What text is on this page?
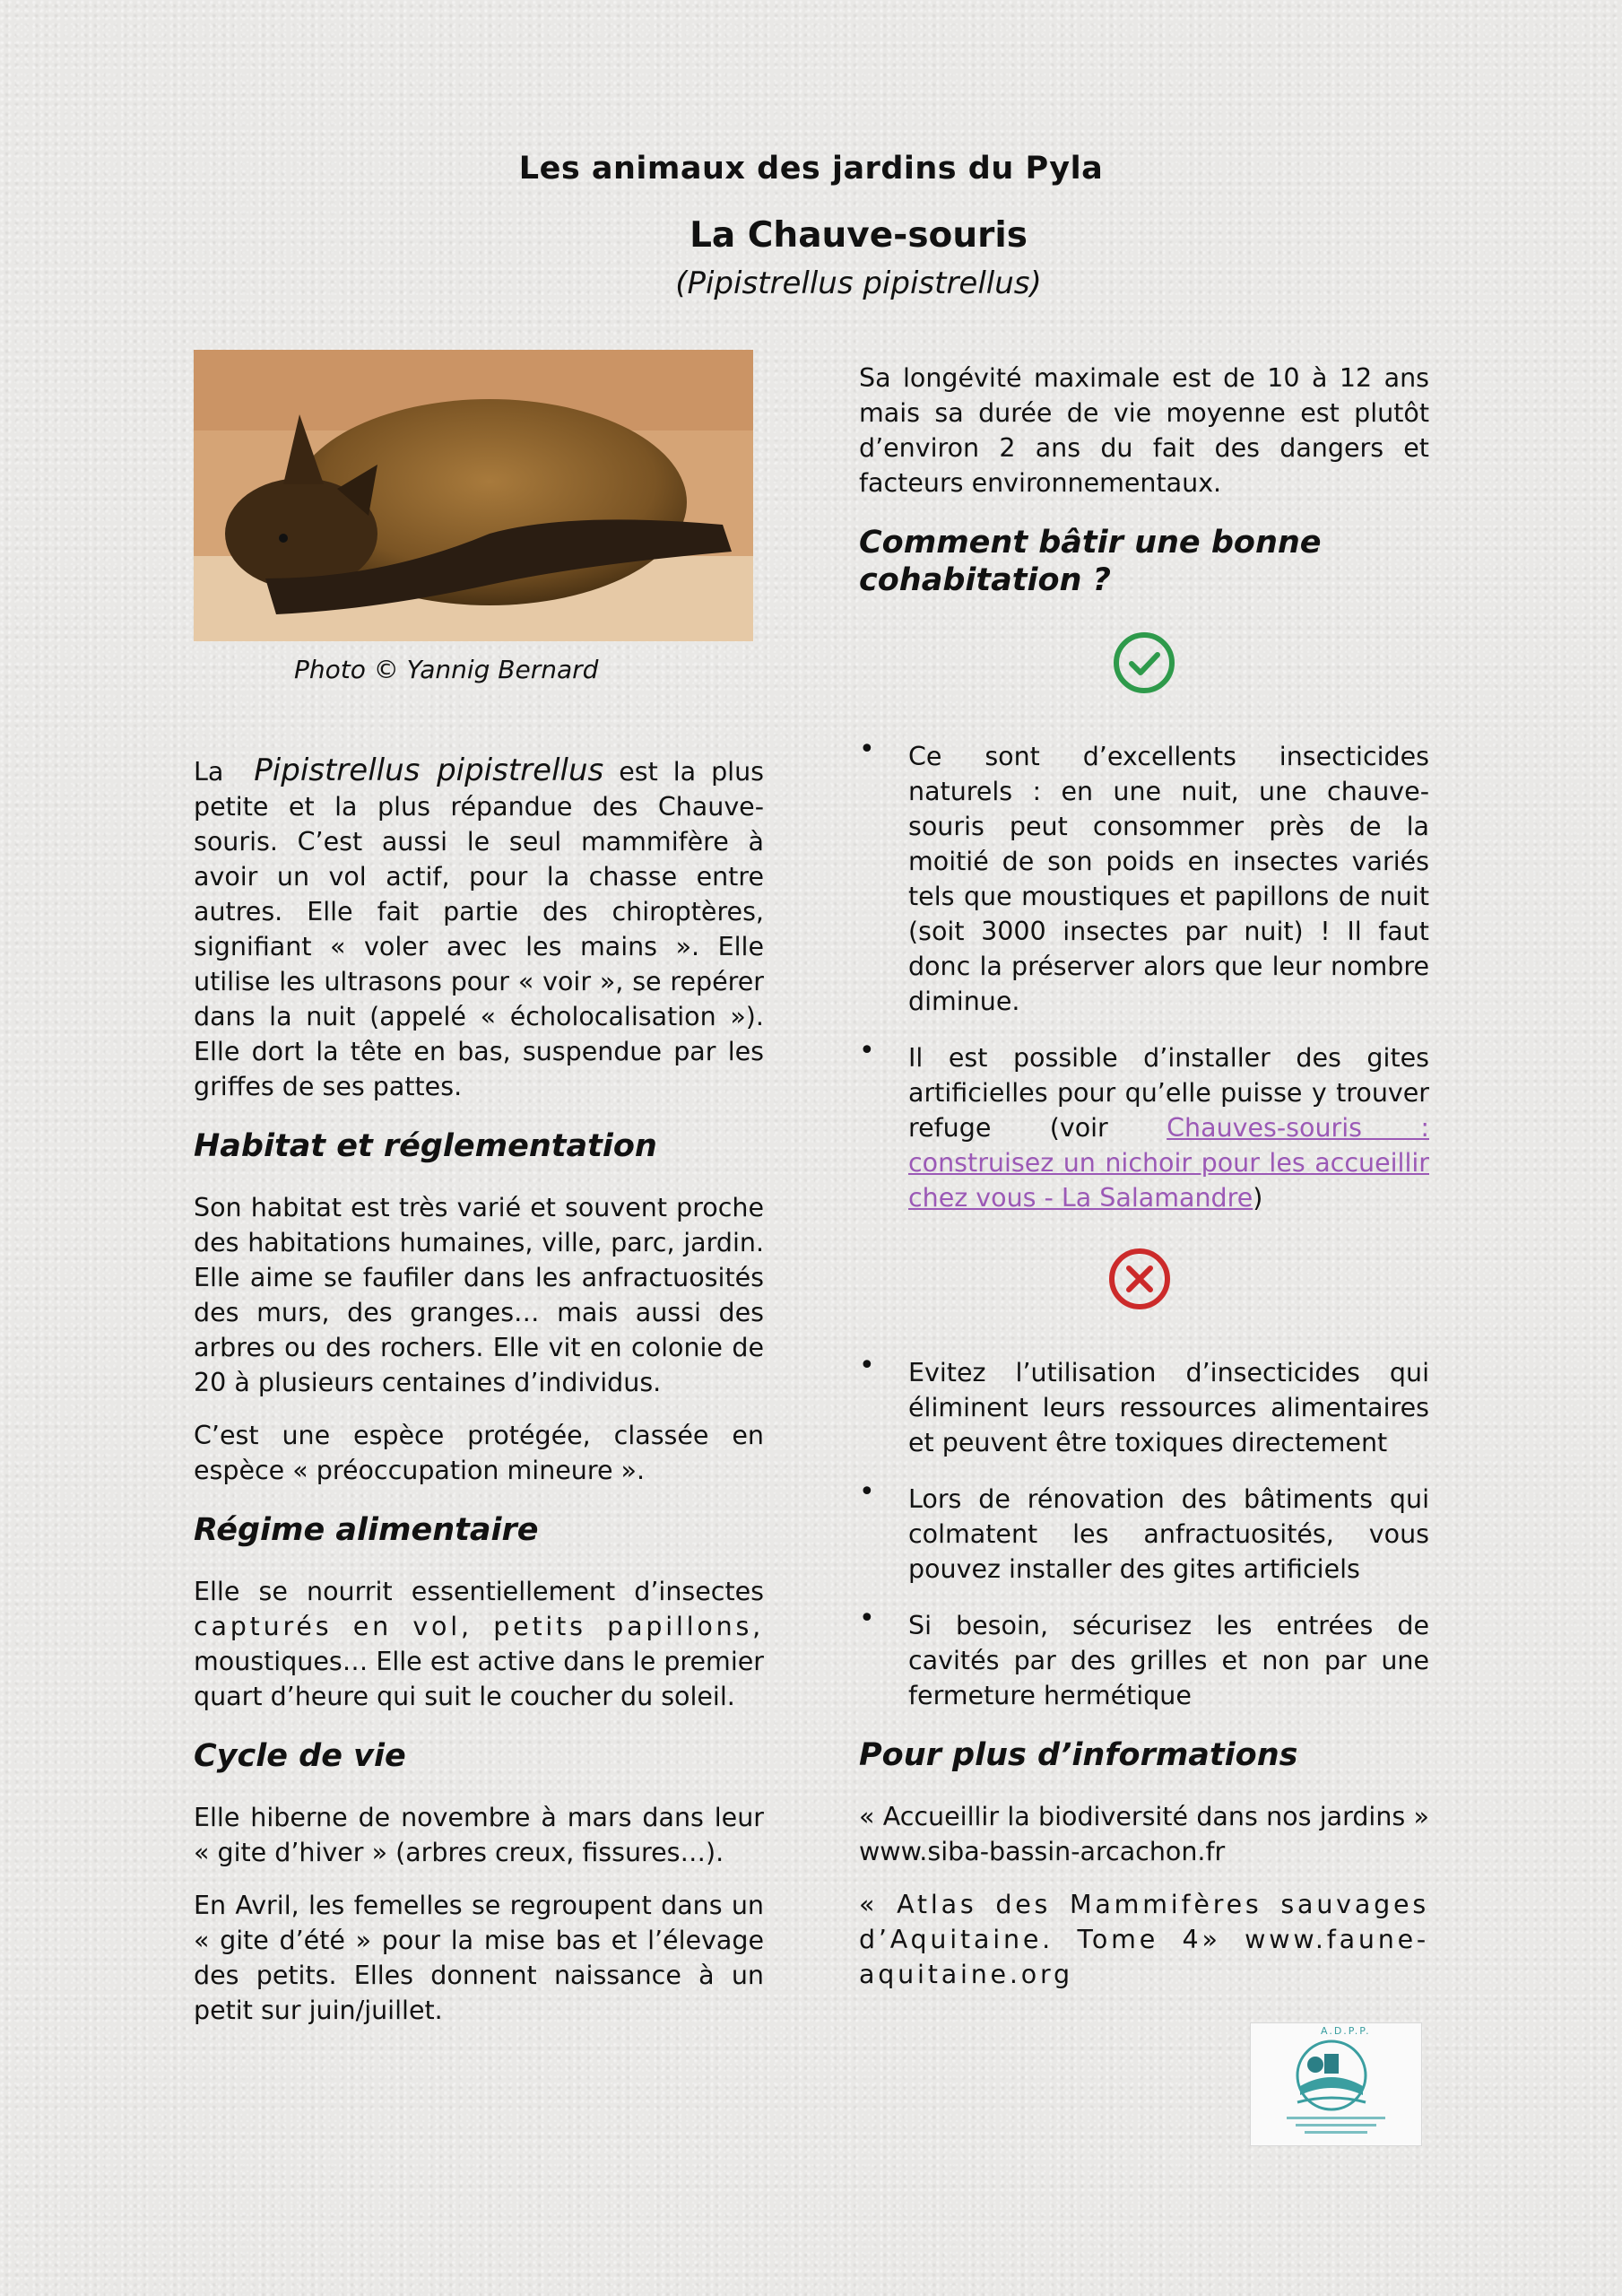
Les animaux des jardins du Pyla
La Chauve-souris
(Pipistrellus pipistrellus)
Photo © Yannig Bernard

La Pipistrellus pipistrellus est la plus petite et la plus répandue des Chauve-souris. C’est aussi le seul mammifère à avoir un vol actif, pour la chasse entre autres. Elle fait partie des chiroptères, signifiant « voler avec les mains ». Elle utilise les ultrasons pour « voir », se repérer dans la nuit (appelé « écholocalisation »). Elle dort la tête en bas, suspendue par les griffes de ses pattes.

Habitat et réglementation

Son habitat est très varié et souvent proche des habitations humaines, ville, parc, jardin. Elle aime se faufiler dans les anfractuosités des murs, des granges… mais aussi des arbres ou des rochers. Elle vit en colonie de 20 à plusieurs centaines d’individus.

C’est une espèce protégée, classée en espèce « préoccupation mineure ».

Régime alimentaire

Elle se nourrit essentiellement d’insectes capturés en vol, petits papillons, moustiques… Elle est active dans le premier quart d’heure qui suit le coucher du soleil.

Cycle de vie

Elle hiberne de novembre à mars dans leur « gite d’hiver » (arbres creux, fissures…).

En Avril, les femelles se regroupent dans un « gite d’été » pour la mise bas et l’élevage des petits. Elles donnent naissance à un petit sur juin/juillet.

Sa longévité maximale est de 10 à 12 ans mais sa durée de vie moyenne est plutôt d’environ 2 ans du fait des dangers et facteurs environnementaux.

Comment bâtir une bonne cohabitation ?
• Ce sont d’excellents insecticides naturels : en une nuit, une chauve-souris peut consommer près de la moitié de son poids en insectes variés tels que moustiques et papillons de nuit (soit 3000 insectes par nuit) ! Il faut donc la préserver alors que leur nombre diminue.
• Il est possible d’installer des gites artificielles pour qu’elle puisse y trouver refuge (voir Chauves-souris : construisez un nichoir pour les accueillir chez vous - La Salamandre)
• Evitez l’utilisation d’insecticides qui éliminent leurs ressources alimentaires et peuvent être toxiques directement
• Lors de rénovation des bâtiments qui colmatent les anfractuosités, vous pouvez installer des gites artificiels
• Si besoin, sécurisez les entrées de cavités par des grilles et non par une fermeture hermétique
Pour plus d’informations

« Accueillir la biodiversité dans nos jardins » www.siba-bassin-arcachon.fr

« Atlas des Mammifères sauvages d’Aquitaine. Tome 4» www.faune-aquitaine.org

A.D.P.P.
